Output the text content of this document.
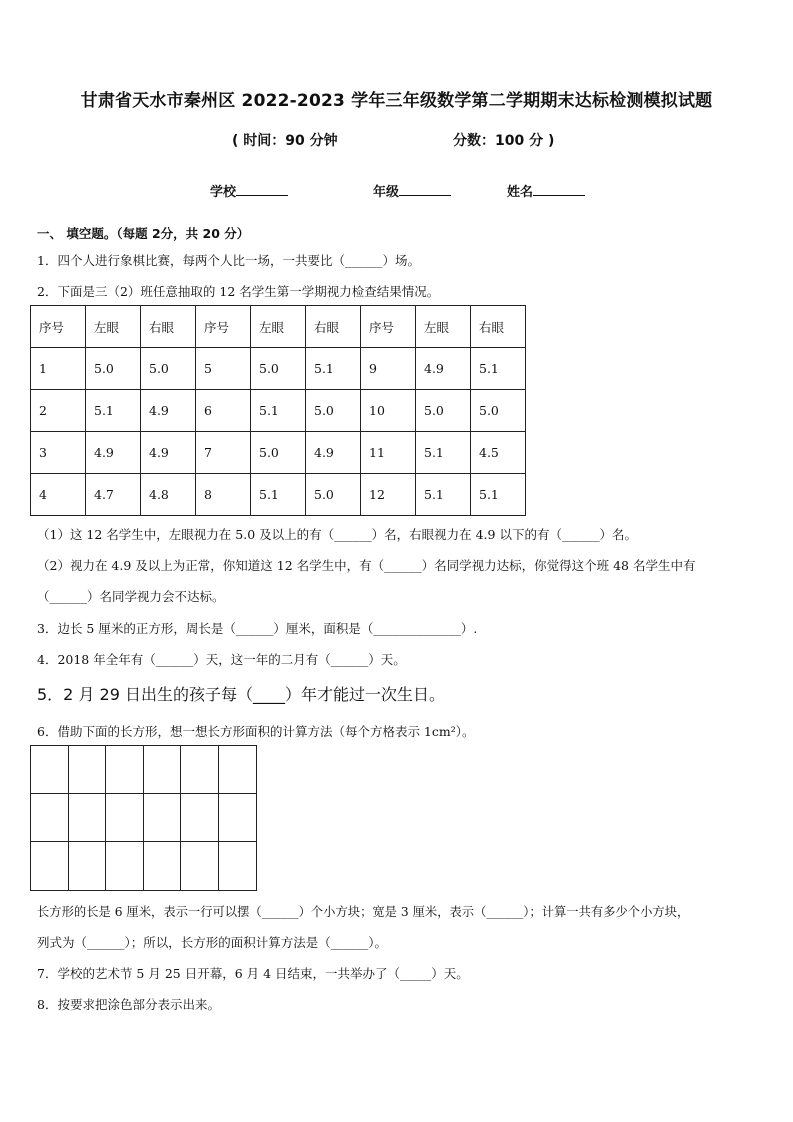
甘肃省天水市秦州区 2022-2023 学年三年级数学第二学期期末达标检测模拟试题
( 时间：90 分钟	分数：100 分 )
学校	年级	姓名
一、 填空题。（每题 2分，共 20 分）
1．四个人进行象棋比赛，每两个人比一场，一共要比（______）场。
2．下面是三（2）班任意抽取的 12 名学生第一学期视力检查结果情况。
序号	左眼	右眼	序号	左眼	右眼	序号	左眼	右眼
1	5.0	5.0	5	5.0	5.1	9	4.9	5.1
2	5.1	4.9	6	5.1	5.0	10	5.0	5.0
3	4.9	4.9	7	5.0	4.9	11	5.1	4.5
4	4.7	4.8	8	5.1	5.0	12	5.1	5.1
（1）这 12 名学生中，左眼视力在 5.0 及以上的有（______）名，右眼视力在 4.9 以下的有（______）名。
（2）视力在 4.9 及以上为正常，你知道这 12 名学生中，有（______）名同学视力达标，你觉得这个班 48 名学生中有
（______）名同学视力会不达标。
3．边长 5 厘米的正方形，周长是（______）厘米，面积是（______________）.
4．2018 年全年有（______）天，这一年的二月有（______）天。
5．2 月 29 日出生的孩子每（____）年才能过一次生日。
6．借助下面的长方形，想一想长方形面积的计算方法（每个方格表示 1cm²）。
长方形的长是 6 厘米，表示一行可以摆（______）个小方块；宽是 3 厘米，表示（______）；计算一共有多少个小方块，
列式为（______）；所以，长方形的面积计算方法是（______）。
7．学校的艺术节 5 月 25 日开幕，6 月 4 日结束，一共举办了（_____）天。
8．按要求把涂色部分表示出来。
